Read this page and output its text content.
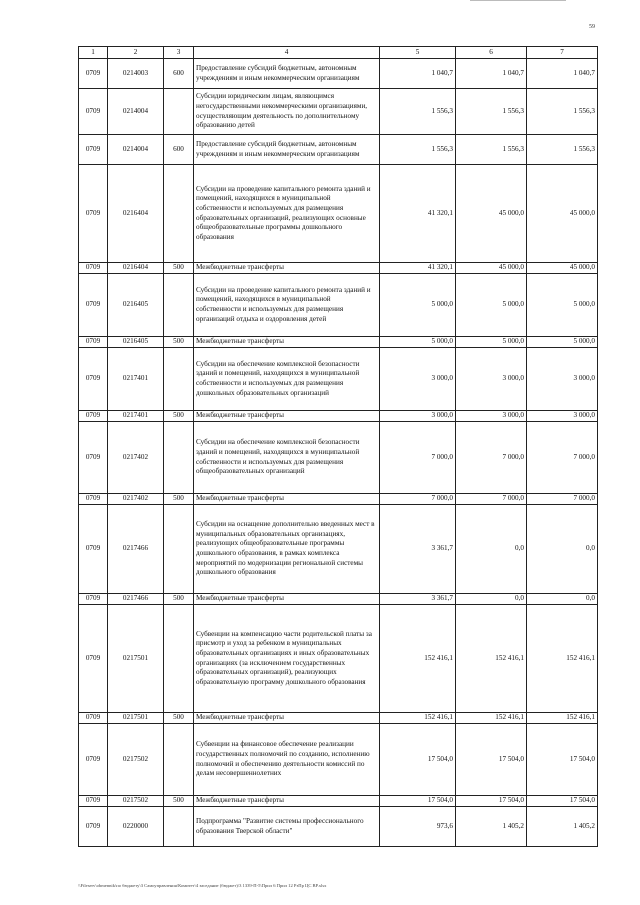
59
1	2	3	4	5	6	7
0709	0214003	600	Предоставление субсидий бюджетным, автономным учреждениям и иным некоммерческим организациям	1 040,7	1 040,7	1 040,7
0709	0214004		Субсидии юридическим лицам, являющимся негосударственными некоммерческими организациями, осуществляющим деятельность по дополнительному образованию детей	1 556,3	1 556,3	1 556,3
0709	0214004	600	Предоставление субсидий бюджетным, автономным учреждениям и иным некоммерческим организациям	1 556,3	1 556,3	1 556,3
0709	0216404		Субсидии на проведение капитального ремонта зданий и помещений, находящихся в муниципальной собственности и используемых для размещения образовательных организаций, реализующих основные общеобразовательные программы дошкольного образования	41 320,1	45 000,0	45 000,0
0709	0216404	500	Межбюджетные трансферты	41 320,1	45 000,0	45 000,0
0709	0216405		Субсидии на проведение капитального ремонта зданий и помещений, находящихся в муниципальной собственности и используемых для размещения организаций отдыха и оздоровления детей	5 000,0	5 000,0	5 000,0
0709	0216405	500	Межбюджетные трансферты	5 000,0	5 000,0	5 000,0
0709	0217401		Субсидии на обеспечение комплексной безопасности зданий и помещений, находящихся в муниципальной собственности и используемых для размещения дошкольных образовательных организаций	3 000,0	3 000,0	3 000,0
0709	0217401	500	Межбюджетные трансферты	3 000,0	3 000,0	3 000,0
0709	0217402		Субсидии на обеспечение комплексной безопасности зданий и помещений, находящихся в муниципальной собственности и используемых для размещения общеобразовательных организаций	7 000,0	7 000,0	7 000,0
0709	0217402	500	Межбюджетные трансферты	7 000,0	7 000,0	7 000,0
0709	0217466		Субсидии на оснащение дополнительно введенных мест в муниципальных образовательных организациях, реализующих общеобразовательные программы дошкольного образования, в рамках комплекса мероприятий по модернизации региональной системы дошкольного образования	3 361,7	0,0	0,0
0709	0217466	500	Межбюджетные трансферты	3 361,7	0,0	0,0
0709	0217501		Субвенции на компенсацию части родительской платы за присмотр и уход за ребенком в муниципальных образовательных организациях и иных образовательных организациях (за исключением государственных образовательных организаций), реализующих образовательную программу дошкольного образования	152 416,1	152 416,1	152 416,1
0709	0217501	500	Межбюджетные трансферты	152 416,1	152 416,1	152 416,1
0709	0217502		Субвенции на финансовое обеспечение реализации государственных полномочий по созданию, исполнению полномочий и обеспечению деятельности комиссий по делам несовершеннолетних	17 504,0	17 504,0	17 504,0
0709	0217502	500	Межбюджетные трансферты	17 504,0	17 504,0	17 504,0
0709	0220000		Подпрограмма "Развитие системы профессионального образования Тверской области"	973,6	1 405,2	1 405,2
\\Fileserv\obmennik\по бюджету\3 Самоуправления\Комитет\4 заседание (бюджет)\3 1339-П-5\Прил 6 Прил 12 РзПр ЦС ВР.xlsx
